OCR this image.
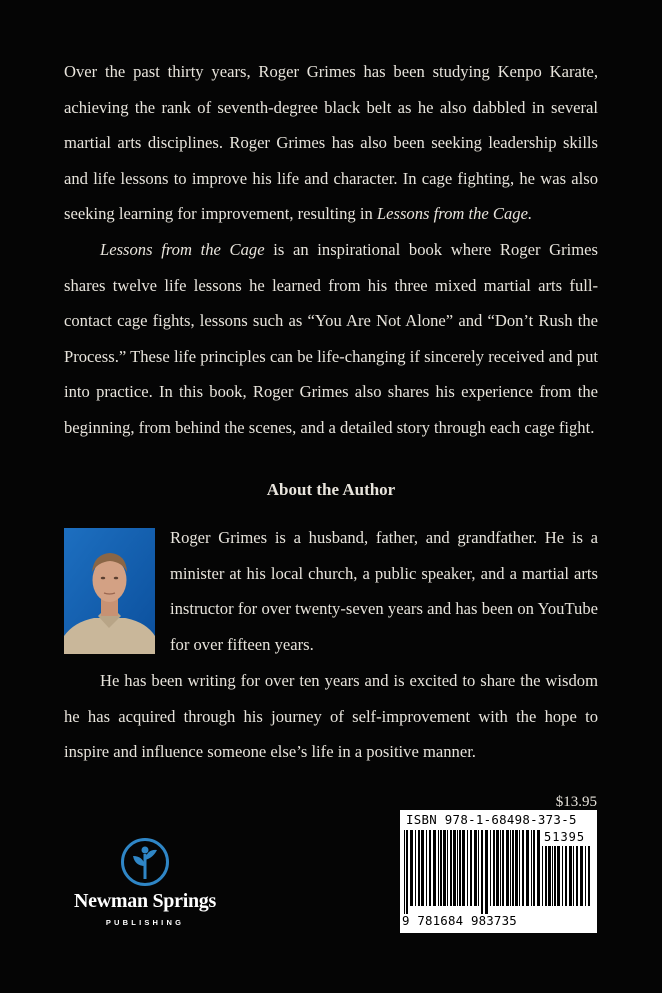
Over the past thirty years, Roger Grimes has been studying Kenpo Karate, achieving the rank of seventh-degree black belt as he also dabbled in several martial arts disciplines. Roger Grimes has also been seeking leadership skills and life lessons to improve his life and character. In cage fighting, he was also seeking learning for improvement, resulting in Lessons from the Cage.

Lessons from the Cage is an inspirational book where Roger Grimes shares twelve life lessons he learned from his three mixed martial arts full-contact cage fights, lessons such as “You Are Not Alone” and “Don’t Rush the Process.” These life principles can be life-changing if sincerely received and put into practice. In this book, Roger Grimes also shares his experience from the beginning, from behind the scenes, and a detailed story through each cage fight.

About the Author

Roger Grimes is a husband, father, and grandfather. He is a minister at his local church, a public speaker, and a martial arts instructor for over twenty-seven years and has been on YouTube for over fifteen years.

He has been writing for over ten years and is excited to share the wisdom he has acquired through his journey of self-improvement with the hope to inspire and influence someone else’s life in a positive manner.

$13.95
ISBN 978-1-68498-373-5
51395
9 781684 983735
Newman Springs
PUBLISHING
